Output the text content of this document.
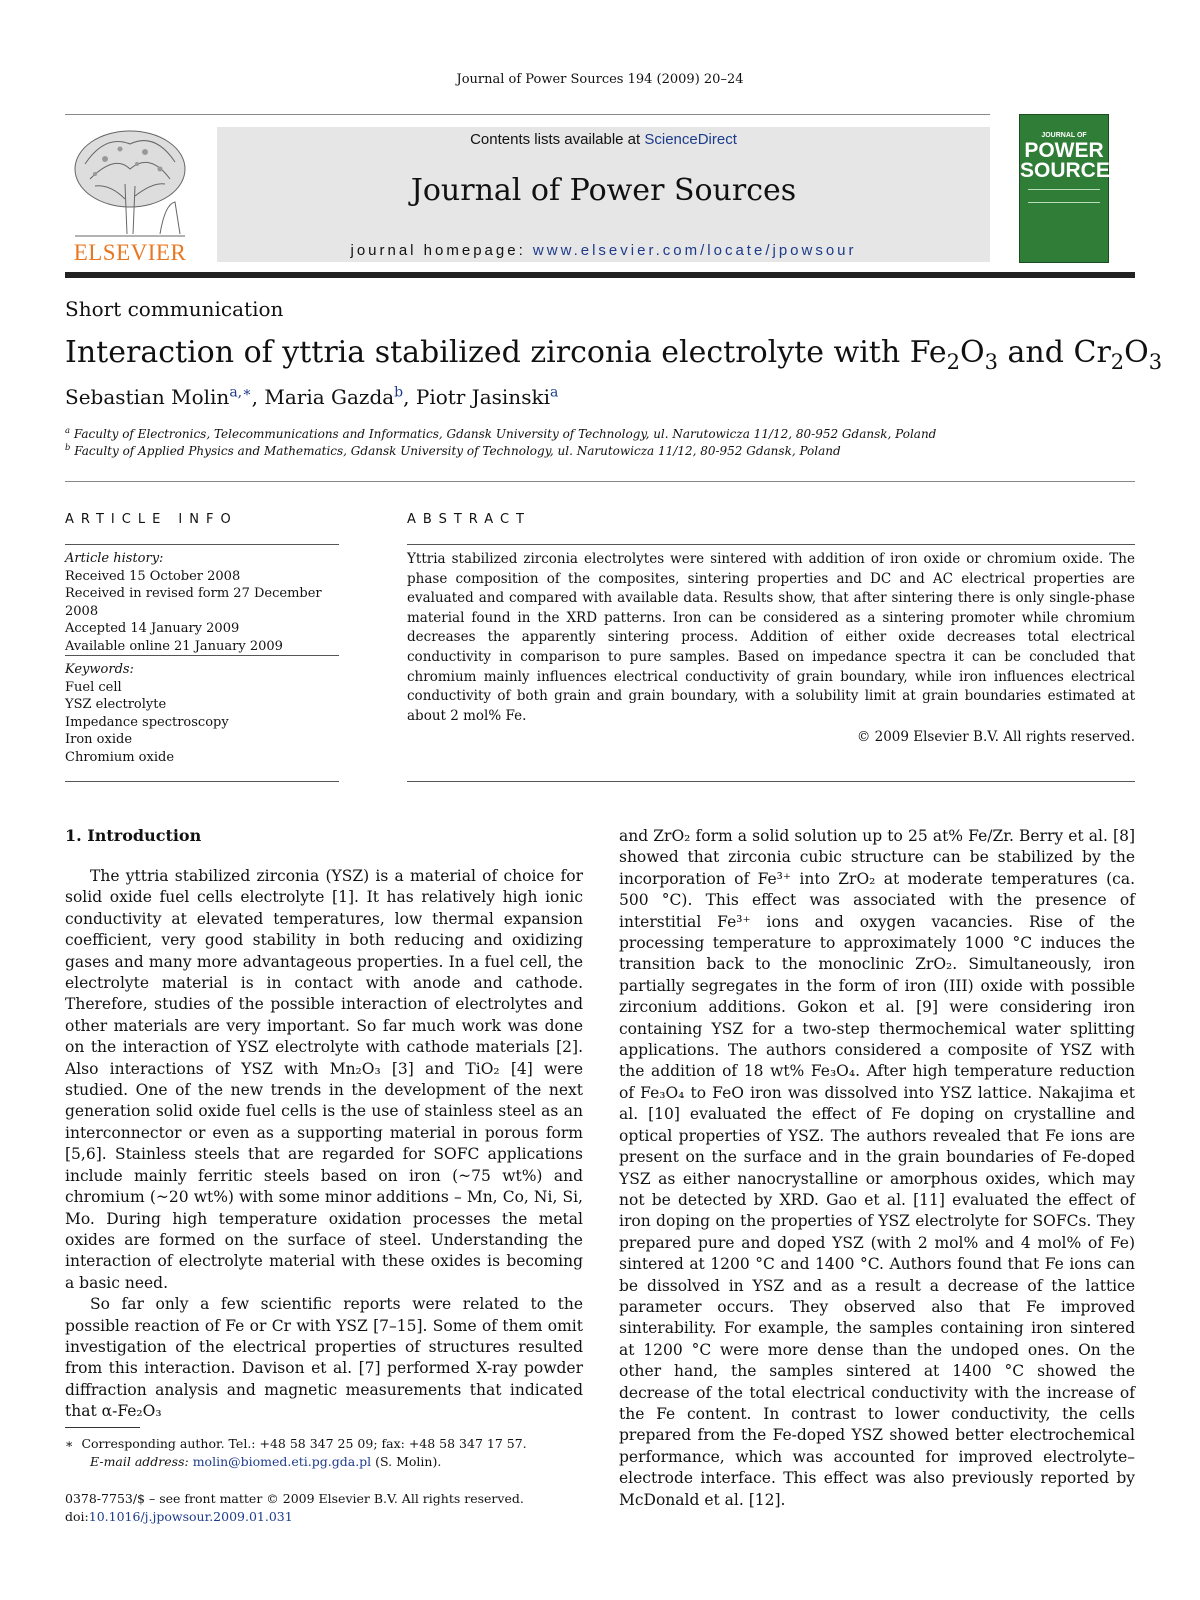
Journal of Power Sources 194 (2009) 20–24
ELSEVIER
Contents lists available at ScienceDirect
Journal of Power Sources
journal homepage: www.elsevier.com/locate/jpowsour
JOURNAL OF
POWER
SOURCES
Short communication
Interaction of yttria stabilized zirconia electrolyte with $Fe_2O_3$ and $Cr_2O_3$
Sebastian Molin$^{a,∗}$, Maria Gazda$^b$, Piotr Jasinski$^a$
$^a$ Faculty of Electronics, Telecommunications and Informatics, Gdansk University of Technology, ul. Narutowicza 11/12, 80-952 Gdansk, Poland
$^b$ Faculty of Applied Physics and Mathematics, Gdansk University of Technology, ul. Narutowicza 11/12, 80-952 Gdansk, Poland
ARTICLE INFO
Article history:
Received 15 October 2008
Received in revised form 27 December 2008
Accepted 14 January 2009
Available online 21 January 2009
Keywords:
Fuel cell
YSZ electrolyte
Impedance spectroscopy
Iron oxide
Chromium oxide
ABSTRACT
Yttria stabilized zirconia electrolytes were sintered with addition of iron oxide or chromium oxide. The phase composition of the composites, sintering properties and DC and AC electrical properties are evaluated and compared with available data. Results show, that after sintering there is only single-phase material found in the XRD patterns. Iron can be considered as a sintering promoter while chromium decreases the apparently sintering process. Addition of either oxide decreases total electrical conductivity in comparison to pure samples. Based on impedance spectra it can be concluded that chromium mainly influences electrical conductivity of grain boundary, while iron influences electrical conductivity of both grain and grain boundary, with a solubility limit at grain boundaries estimated at about 2 mol% Fe.
© 2009 Elsevier B.V. All rights reserved.
1. Introduction

The yttria stabilized zirconia (YSZ) is a material of choice for solid oxide fuel cells electrolyte [1]. It has relatively high ionic conductivity at elevated temperatures, low thermal expansion coefficient, very good stability in both reducing and oxidizing gases and many more advantageous properties. In a fuel cell, the electrolyte material is in contact with anode and cathode. Therefore, studies of the possible interaction of electrolytes and other materials are very important. So far much work was done on the interaction of YSZ electrolyte with cathode materials [2]. Also interactions of YSZ with Mn₂O₃ [3] and TiO₂ [4] were studied. One of the new trends in the development of the next generation solid oxide fuel cells is the use of stainless steel as an interconnector or even as a supporting material in porous form [5,6]. Stainless steels that are regarded for SOFC applications include mainly ferritic steels based on iron (~75 wt%) and chromium (~20 wt%) with some minor additions – Mn, Co, Ni, Si, Mo. During high temperature oxidation processes the metal oxides are formed on the surface of steel. Understanding the interaction of electrolyte material with these oxides is becoming a basic need.

So far only a few scientific reports were related to the possible reaction of Fe or Cr with YSZ [7–15]. Some of them omit investigation of the electrical properties of structures resulted from this interaction. Davison et al. [7] performed X-ray powder diffraction analysis and magnetic measurements that indicated that α-Fe₂O₃

and ZrO₂ form a solid solution up to 25 at% Fe/Zr. Berry et al. [8] showed that zirconia cubic structure can be stabilized by the incorporation of Fe³⁺ into ZrO₂ at moderate temperatures (ca. 500 °C). This effect was associated with the presence of interstitial Fe³⁺ ions and oxygen vacancies. Rise of the processing temperature to approximately 1000 °C induces the transition back to the monoclinic ZrO₂. Simultaneously, iron partially segregates in the form of iron (III) oxide with possible zirconium additions. Gokon et al. [9] were considering iron containing YSZ for a two-step thermochemical water splitting applications. The authors considered a composite of YSZ with the addition of 18 wt% Fe₃O₄. After high temperature reduction of Fe₃O₄ to FeO iron was dissolved into YSZ lattice. Nakajima et al. [10] evaluated the effect of Fe doping on crystalline and optical properties of YSZ. The authors revealed that Fe ions are present on the surface and in the grain boundaries of Fe-doped YSZ as either nanocrystalline or amorphous oxides, which may not be detected by XRD. Gao et al. [11] evaluated the effect of iron doping on the properties of YSZ electrolyte for SOFCs. They prepared pure and doped YSZ (with 2 mol% and 4 mol% of Fe) sintered at 1200 °C and 1400 °C. Authors found that Fe ions can be dissolved in YSZ and as a result a decrease of the lattice parameter occurs. They observed also that Fe improved sinterability. For example, the samples containing iron sintered at 1200 °C were more dense than the undoped ones. On the other hand, the samples sintered at 1400 °C showed the decrease of the total electrical conductivity with the increase of the Fe content. In contrast to lower conductivity, the cells prepared from the Fe-doped YSZ showed better electrochemical performance, which was accounted for improved electrolyte–electrode interface. This effect was also previously reported by McDonald et al. [12].

∗ Corresponding author. Tel.: +48 58 347 25 09; fax: +48 58 347 17 57.
E-mail address: molin@biomed.eti.pg.gda.pl (S. Molin).
0378-7753/$ – see front matter © 2009 Elsevier B.V. All rights reserved.
doi:10.1016/j.jpowsour.2009.01.031
